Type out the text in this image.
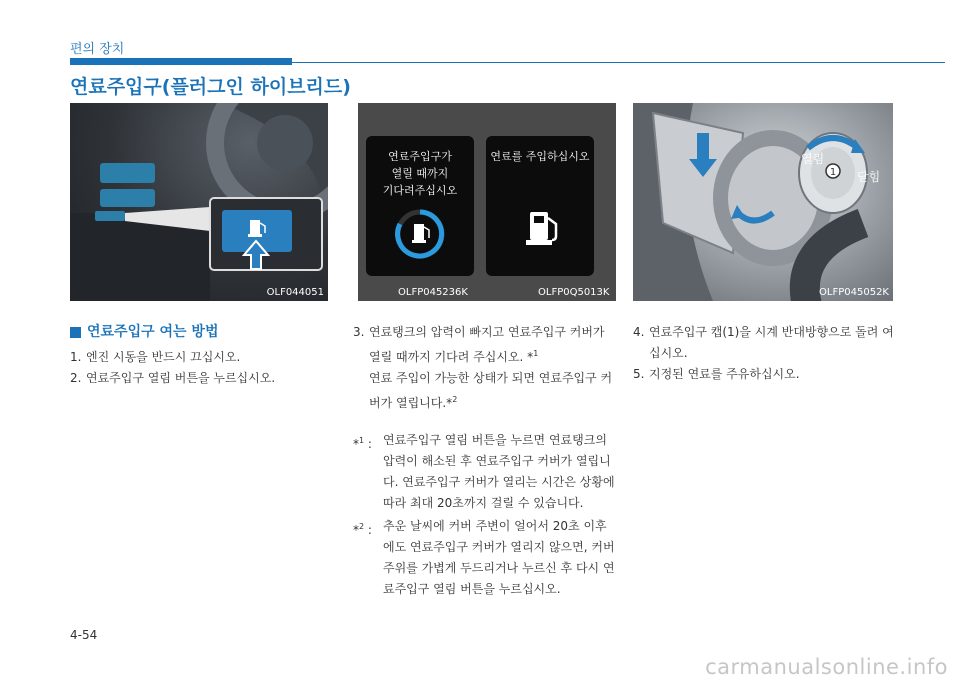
편의 장치
연료주입구(플러그인 하이브리드)
OLF044051
연료주입구가
열릴 때까지
기다려주십시오
연료를 주입하십시오
OLFP045236K	OLFP0Q5013K
1
열림
닫힘
OLFP045052K
연료주입구 여는 방법
1. 엔진 시동을 반드시 끄십시오.
2. 연료주입구 열림 버튼을 누르십시오.
3. 연료탱크의 압력이 빠지고 연료주입구 커버가 열릴 때까지 기다려 주십시오. *$^1$
연료 주입이 가능한 상태가 되면 연료주입구 커버가 열립니다.*$^2$
*$^1$ : 연료주입구 열림 버튼을 누르면 연료탱크의 압력이 해소된 후 연료주입구 커버가 열립니다. 연료주입구 커버가 열리는 시간은 상황에 따라 최대 20초까지 걸릴 수 있습니다.
*$^2$ : 추운 날씨에 커버 주변이 얼어서 20초 이후에도 연료주입구 커버가 열리지 않으면, 커버 주위를 가볍게 두드리거나 누르신 후 다시 연료주입구 열림 버튼을 누르십시오.
4. 연료주입구 캡(1)을 시계 반대방향으로 돌려 여십시오.
5. 지정된 연료를 주유하십시오.
4-54
carmanualsonline.info
